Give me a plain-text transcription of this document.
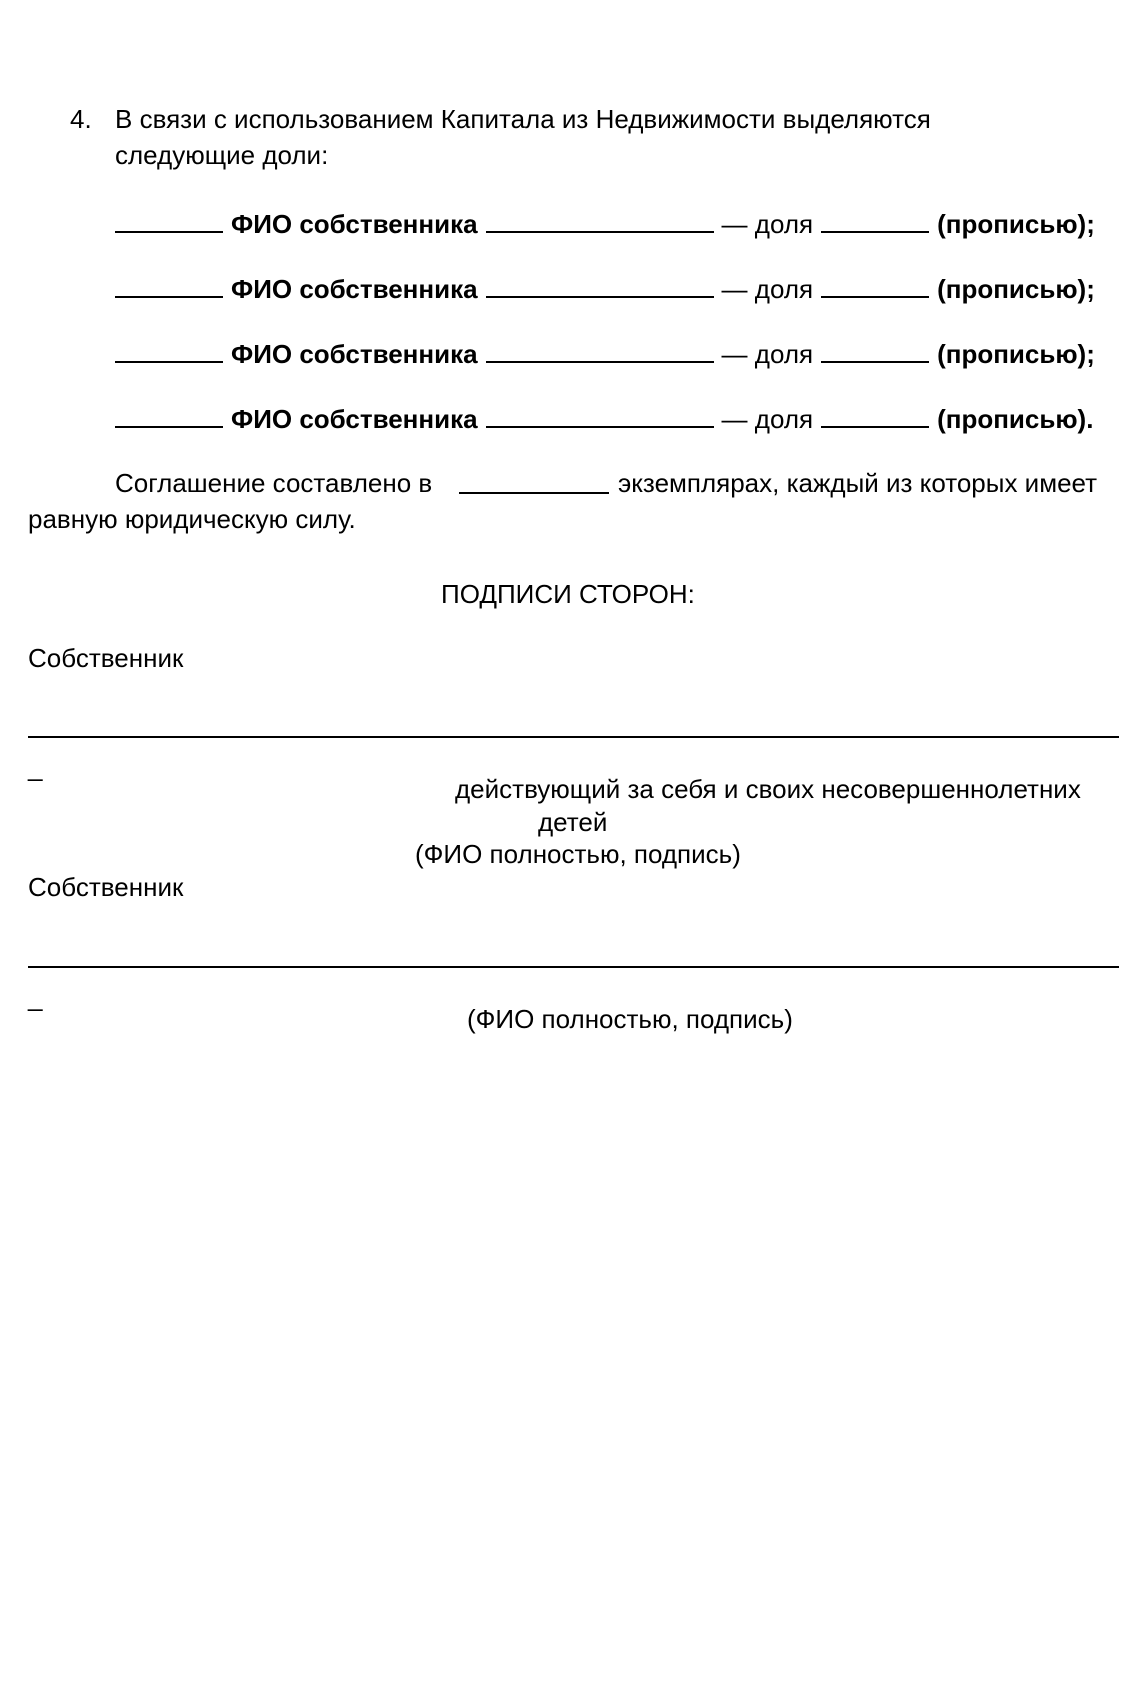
4. В связи с использованием Капитала из Недвижимости выделяются
следующие доли:
ФИО собственника	— доля	(прописью);
ФИО собственника	— доля	(прописью);
ФИО собственника	— доля	(прописью);
ФИО собственника	— доля	(прописью).
Соглашение составлено в	экземплярах, каждый из которых имеет
равную юридическую силу.
ПОДПИСИ СТОРОН:
Собственник
_
действующий за себя и своих несовершеннолетних
детей
(ФИО полностью, подпись)
Собственник
_
(ФИО полностью, подпись)
